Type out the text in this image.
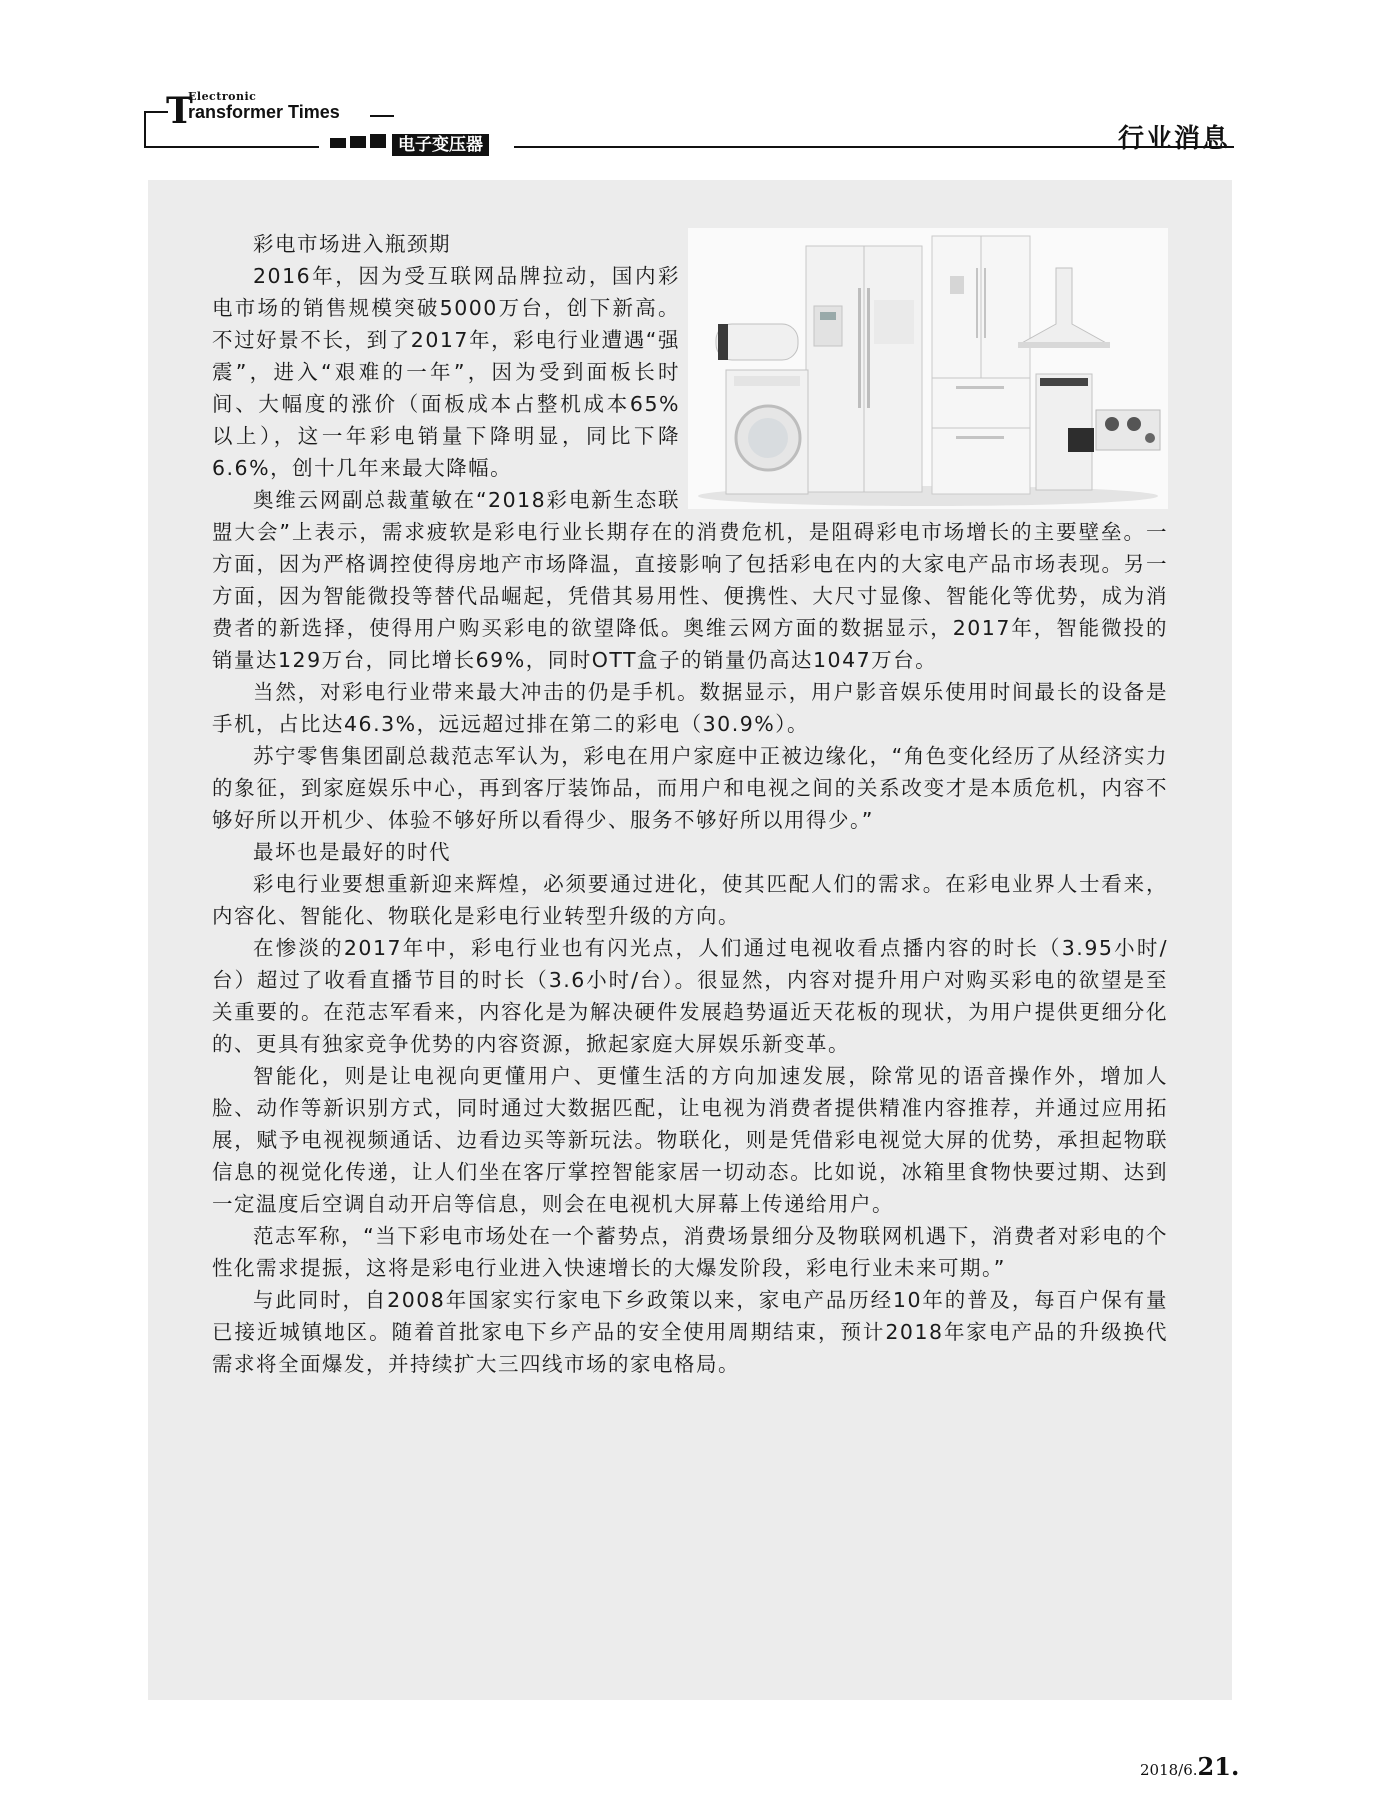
T
Electronic
ransformer Times
电子变压器	行业消息

彩电市场进入瓶颈期

2016年，因为受互联网品牌拉动，国内彩电市场的销售规模突破5000万台，创下新高。不过好景不长，到了2017年，彩电行业遭遇“强震”，进入“艰难的一年”，因为受到面板长时间、大幅度的涨价（面板成本占整机成本65%以上），这一年彩电销量下降明显，同比下降6.6%，创十几年来最大降幅。

奥维云网副总裁董敏在“2018彩电新生态联盟大会”上表示，需求疲软是彩电行业长期存在的消费危机，是阻碍彩电市场增长的主要壁垒。一方面，因为严格调控使得房地产市场降温，直接影响了包括彩电在内的大家电产品市场表现。另一方面，因为智能微投等替代品崛起，凭借其易用性、便携性、大尺寸显像、智能化等优势，成为消费者的新选择，使得用户购买彩电的欲望降低。奥维云网方面的数据显示，2017年，智能微投的销量达129万台，同比增长69%，同时OTT盒子的销量仍高达1047万台。

当然，对彩电行业带来最大冲击的仍是手机。数据显示，用户影音娱乐使用时间最长的设备是手机，占比达46.3%，远远超过排在第二的彩电（30.9%）。

苏宁零售集团副总裁范志军认为，彩电在用户家庭中正被边缘化，“角色变化经历了从经济实力的象征，到家庭娱乐中心，再到客厅装饰品，而用户和电视之间的关系改变才是本质危机，内容不够好所以开机少、体验不够好所以看得少、服务不够好所以用得少。”

最坏也是最好的时代

彩电行业要想重新迎来辉煌，必须要通过进化，使其匹配人们的需求。在彩电业界人士看来，内容化、智能化、物联化是彩电行业转型升级的方向。

在惨淡的2017年中，彩电行业也有闪光点，人们通过电视收看点播内容的时长（3.95小时/台）超过了收看直播节目的时长（3.6小时/台）。很显然，内容对提升用户对购买彩电的欲望是至关重要的。在范志军看来，内容化是为解决硬件发展趋势逼近天花板的现状，为用户提供更细分化的、更具有独家竞争优势的内容资源，掀起家庭大屏娱乐新变革。

智能化，则是让电视向更懂用户、更懂生活的方向加速发展，除常见的语音操作外，增加人脸、动作等新识别方式，同时通过大数据匹配，让电视为消费者提供精准内容推荐，并通过应用拓展，赋予电视视频通话、边看边买等新玩法。物联化，则是凭借彩电视觉大屏的优势，承担起物联信息的视觉化传递，让人们坐在客厅掌控智能家居一切动态。比如说，冰箱里食物快要过期、达到一定温度后空调自动开启等信息，则会在电视机大屏幕上传递给用户。

范志军称，“当下彩电市场处在一个蓄势点，消费场景细分及物联网机遇下，消费者对彩电的个性化需求提振，这将是彩电行业进入快速增长的大爆发阶段，彩电行业未来可期。”

与此同时，自2008年国家实行家电下乡政策以来，家电产品历经10年的普及，每百户保有量已接近城镇地区。随着首批家电下乡产品的安全使用周期结束，预计2018年家电产品的升级换代需求将全面爆发，并持续扩大三四线市场的家电格局。

2018/6.21.
